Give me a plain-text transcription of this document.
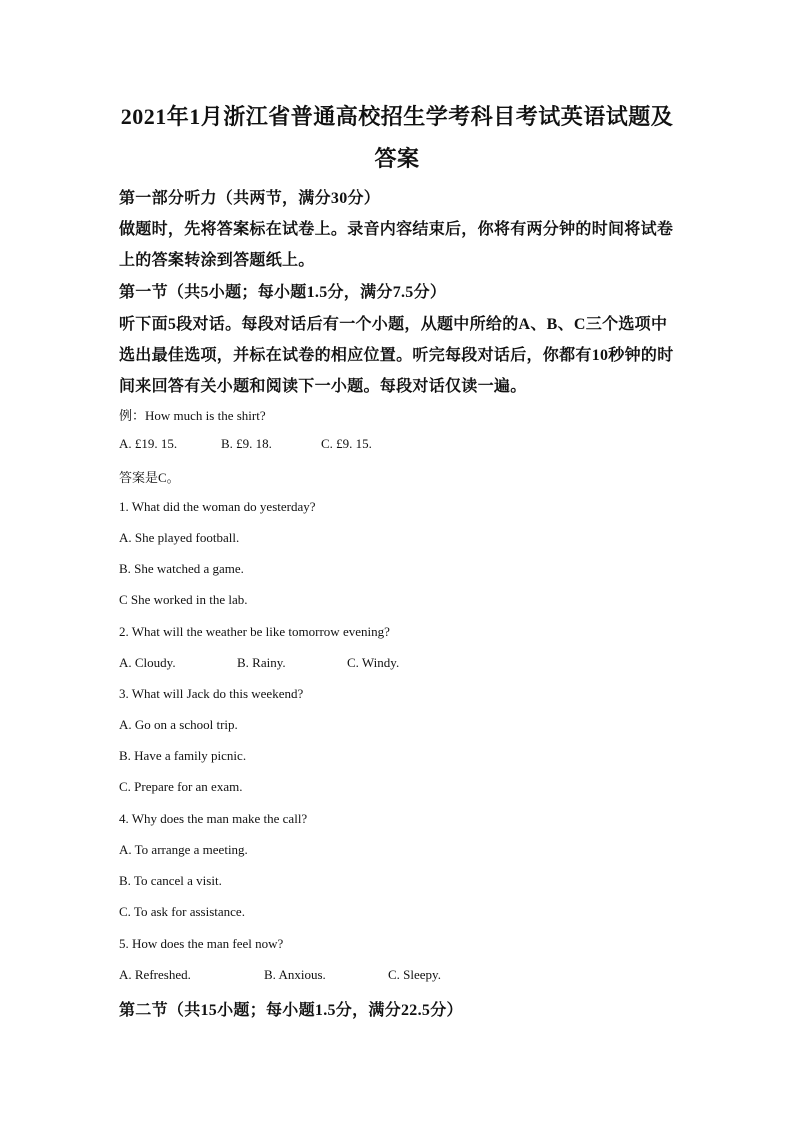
2021年1月浙江省普通高校招生学考科目考试英语试题及
答案
第一部分听力（共两节，满分30分）
做题时，先将答案标在试卷上。录音内容结束后，你将有两分钟的时间将试卷
上的答案转涂到答题纸上。
第一节（共5小题；每小题1.5分，满分7.5分）
听下面5段对话。每段对话后有一个小题，从题中所给的A、B、C三个选项中
选出最佳选项，并标在试卷的相应位置。听完每段对话后，你都有10秒钟的时
间来回答有关小题和阅读下一小题。每段对话仅读一遍。
例：How much is the shirt?
A. £19. 15.	B. £9. 18.	C. £9. 15.
答案是C。
1. What did the woman do yesterday?
A. She played football.
B. She watched a game.
C She worked in the lab.
2. What will the weather be like tomorrow evening?
A. Cloudy.	B. Rainy.	C. Windy.
3. What will Jack do this weekend?
A. Go on a school trip.
B. Have a family picnic.
C. Prepare for an exam.
4. Why does the man make the call?
A. To arrange a meeting.
B. To cancel a visit.
C. To ask for assistance.
5. How does the man feel now?
A. Refreshed.	B. Anxious.	C. Sleepy.
第二节（共15小题；每小题1.5分，满分22.5分）
